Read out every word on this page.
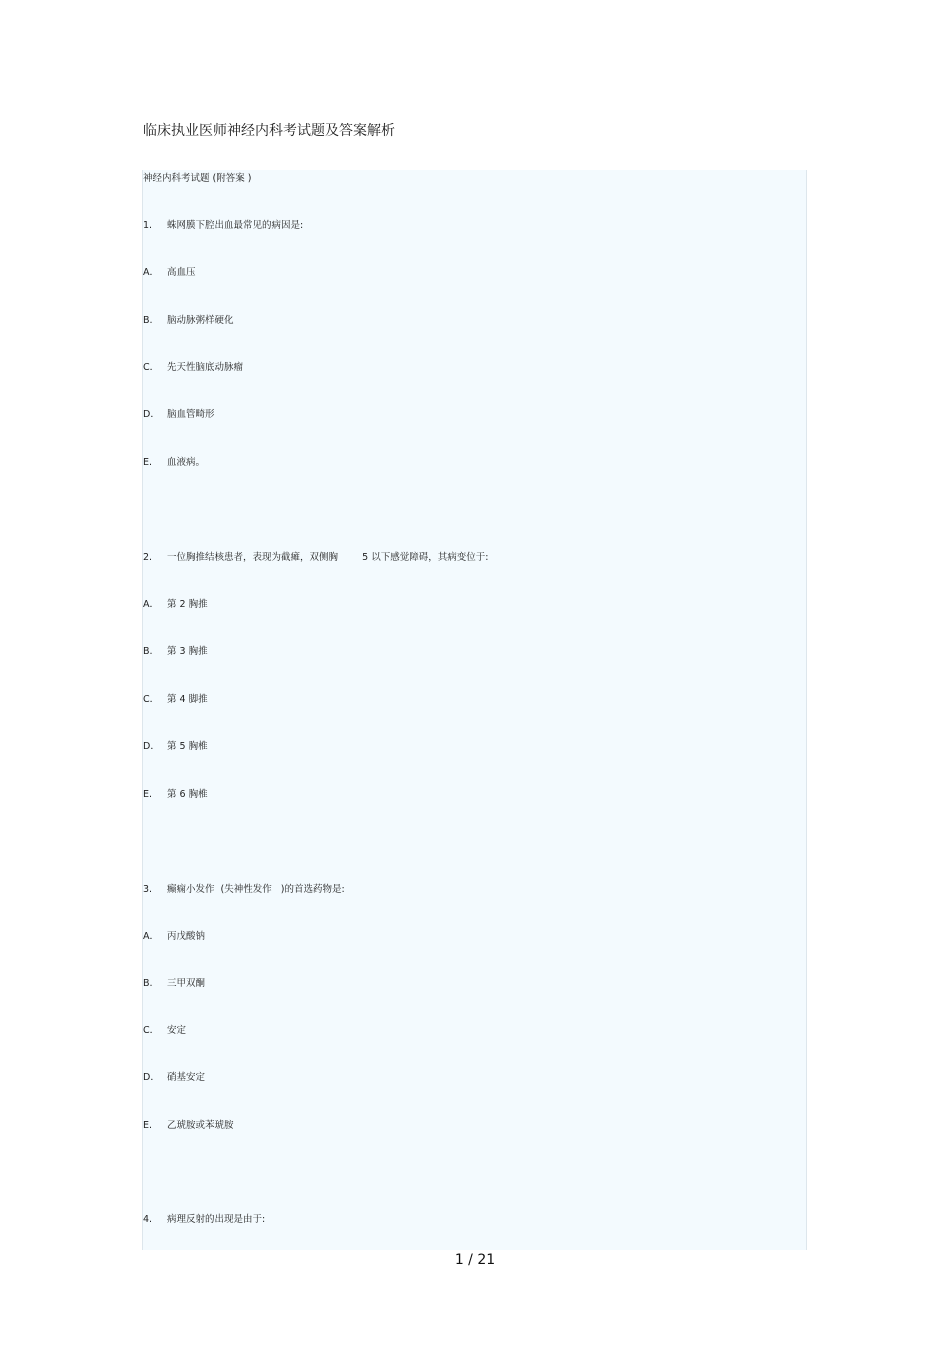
临床执业医师神经内科考试题及答案解析
神经内科考试题 (附答案 )
1. 蛛网膜下腔出血最常见的病因是:
A． 高血压
B. 脑动脉粥样硬化
C． 先天性脑底动脉瘤
D． 脑血管畸形
E. 血液病。
2. 一位胸推结核患者，表现为截瘫，双侧胸        5 以下感觉障碍，其病变位于:
A． 第 2 胸推
B. 第 3 胸推
C． 第 4 脚推
D． 第 5 胸椎
E. 第 6 胸椎
3. 癫痫小发作  (失神性发作   )的首选药物是:
A． 丙戊酸钠
B. 三甲双酮
C． 安定
D． 硝基安定
E. 乙琥胺或苯琥胺
4. 病理反射的出现是由于:
1 / 21
